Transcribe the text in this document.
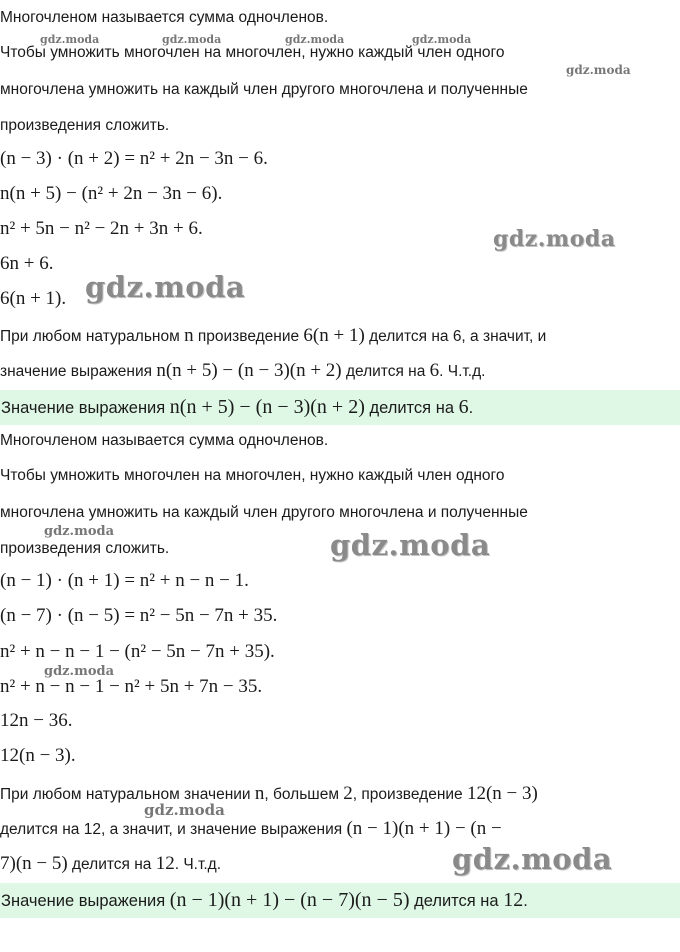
Многочленом называется сумма одночленов.
Чтобы умножить многочлен на многочлен, нужно каждый член одного
многочлена умножить на каждый член другого многочлена и полученные
произведения сложить.
(n − 3) · (n + 2) = n² + 2n − 3n − 6.
n(n + 5) − (n² + 2n − 3n − 6).
n² + 5n − n² − 2n + 3n + 6.
6n + 6.
6(n + 1).
При любом натуральном n произведение 6(n + 1) делится на 6, а значит, и
значение выражения n(n + 5) − (n − 3)(n + 2) делится на 6. Ч.т.д.
Значение выражения n(n + 5) − (n − 3)(n + 2) делится на 6.
Многочленом называется сумма одночленов.
Чтобы умножить многочлен на многочлен, нужно каждый член одного
многочлена умножить на каждый член другого многочлена и полученные
произведения сложить.
(n − 1) · (n + 1) = n² + n − n − 1.
(n − 7) · (n − 5) = n² − 5n − 7n + 35.
n² + n − n − 1 − (n² − 5n − 7n + 35).
n² + n − n − 1 − n² + 5n + 7n − 35.
12n − 36.
12(n − 3).
При любом натуральном значении n, большем 2, произведение 12(n − 3)
делится на 12, а значит, и значение выражения (n − 1)(n + 1) − (n −
7)(n − 5) делится на 12. Ч.т.д.
Значение выражения (n − 1)(n + 1) − (n − 7)(n − 5) делится на 12.
gdz.moda	gdz.moda	gdz.moda	gdz.moda
gdz.moda
gdz.moda
gdz.moda
gdz.moda	gdz.moda
gdz.moda
gdz.moda
gdz.moda
